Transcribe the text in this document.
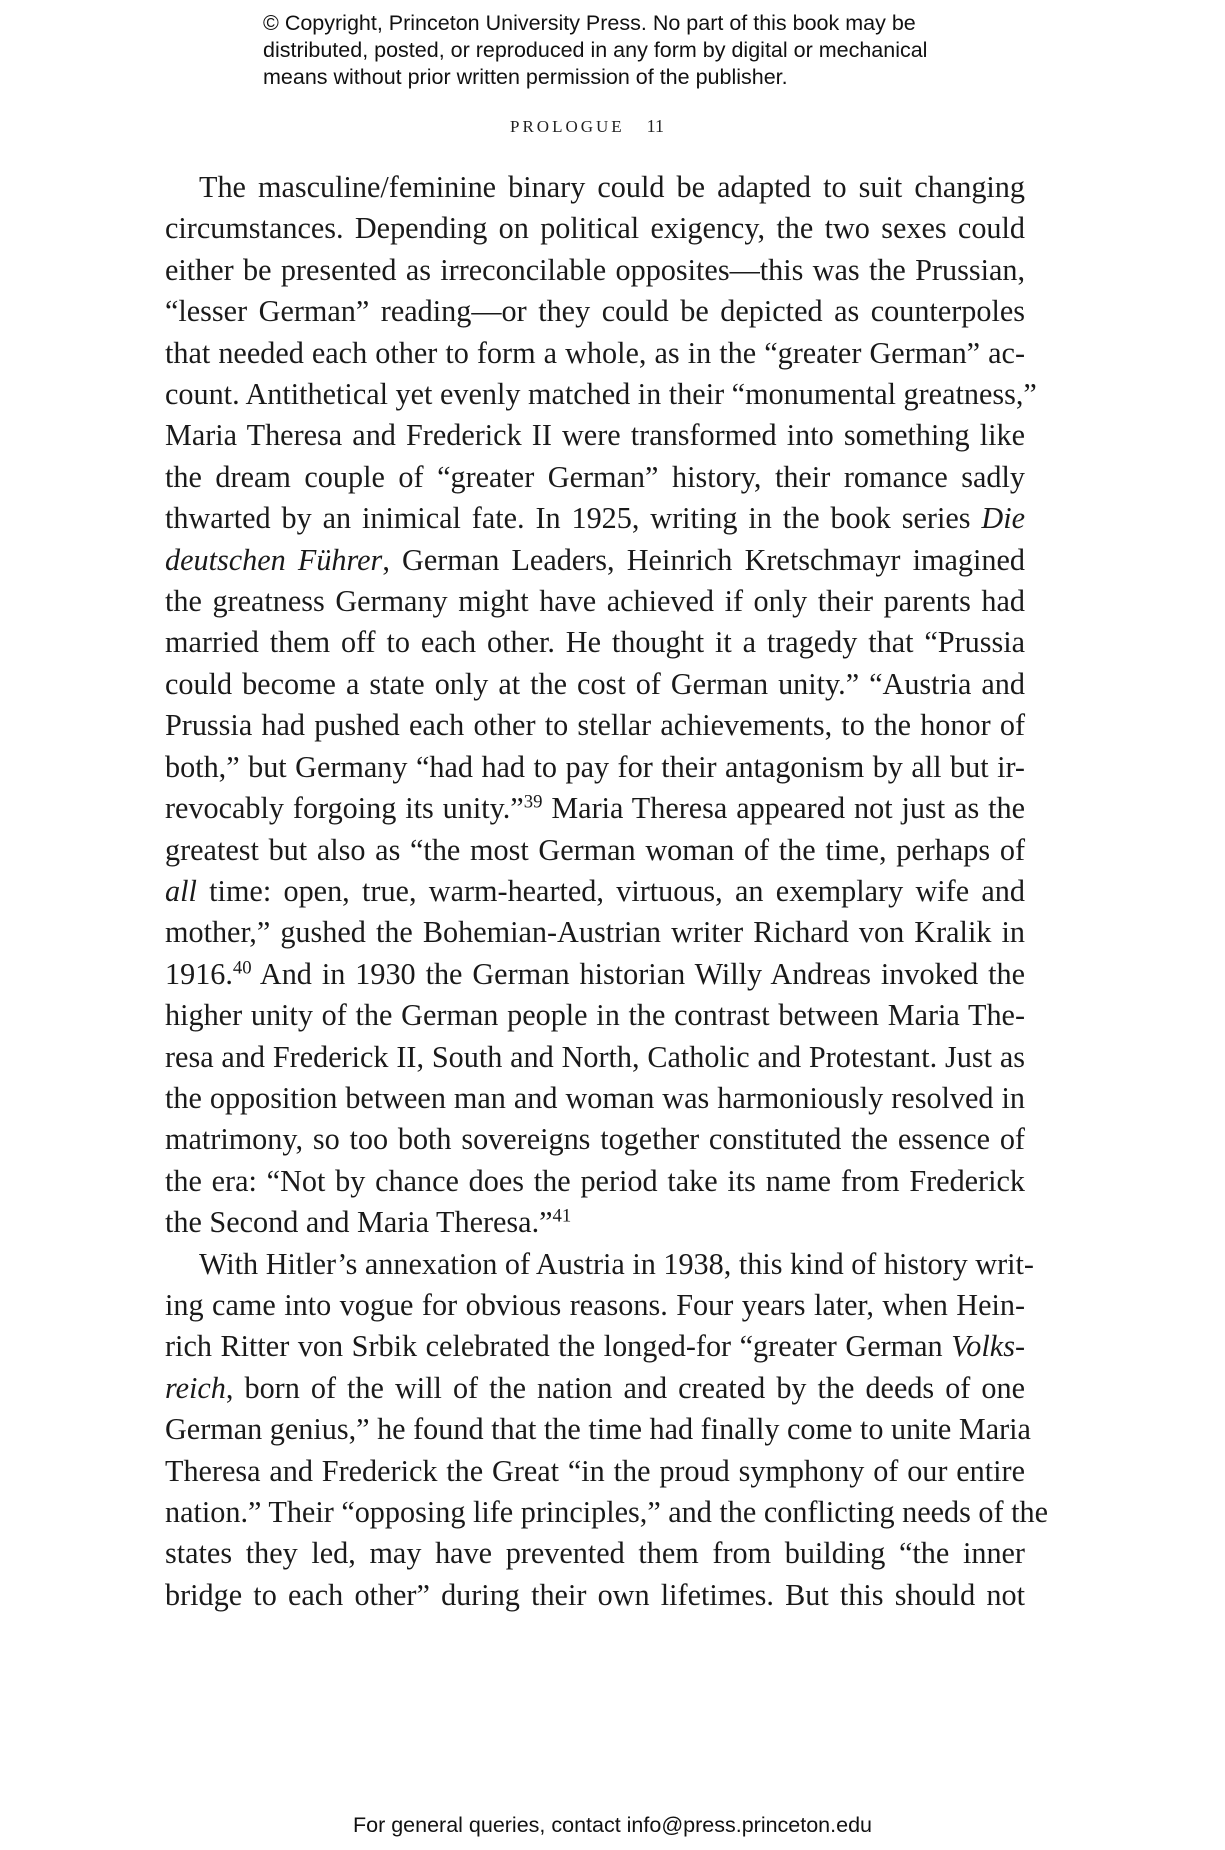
© Copyright, Princeton University Press. No part of this book may be
distributed, posted, or reproduced in any form by digital or mechanical
means without prior written permission of the publisher.
PROLOGUE 11
The masculine/feminine binary could be adapted to suit changing
circumstances. Depending on political exigency, the two sexes could
either be presented as irreconcilable opposites—this was the Prussian,
“lesser German” reading—or they could be depicted as counterpoles
that needed each other to form a whole, as in the “greater German” ac-
count. Antithetical yet evenly matched in their “monumental greatness,”
Maria Theresa and Frederick II were transformed into something like
the dream couple of “greater German” history, their romance sadly
thwarted by an inimical fate. In 1925, writing in the book series Die
deutschen Führer, German Leaders, Heinrich Kretschmayr imagined
the greatness Germany might have achieved if only their parents had
married them off to each other. He thought it a tragedy that “Prussia
could become a state only at the cost of German unity.” “Austria and
Prussia had pushed each other to stellar achievements, to the honor of
both,” but Germany “had had to pay for their antagonism by all but ir-
revocably forgoing its unity.”$^{39}$ Maria Theresa appeared not just as the
greatest but also as “the most German woman of the time, perhaps of
all time: open, true, warm-hearted, virtuous, an exemplary wife and
mother,” gushed the Bohemian-Austrian writer Richard von Kralik in
1916.40 And in 1930 the German historian Willy Andreas invoked the
higher unity of the German people in the contrast between Maria The-
resa and Frederick II, South and North, Catholic and Protestant. Just as
the opposition between man and woman was harmoniously resolved in
matrimony, so too both sovereigns together constituted the essence of
the era: “Not by chance does the period take its name from Frederick
the Second and Maria Theresa.”$^{41}$
With Hitler’s annexation of Austria in 1938, this kind of history writ-
ing came into vogue for obvious reasons. Four years later, when Hein-
rich Ritter von Srbik celebrated the longed-for “greater German Volks-
reich, born of the will of the nation and created by the deeds of one
German genius,” he found that the time had finally come to unite Maria
Theresa and Frederick the Great “in the proud symphony of our entire
nation.” Their “opposing life principles,” and the conflicting needs of the
states they led, may have prevented them from building “the inner
bridge to each other” during their own lifetimes. But this should not
For general queries, contact info@press.princeton.edu
